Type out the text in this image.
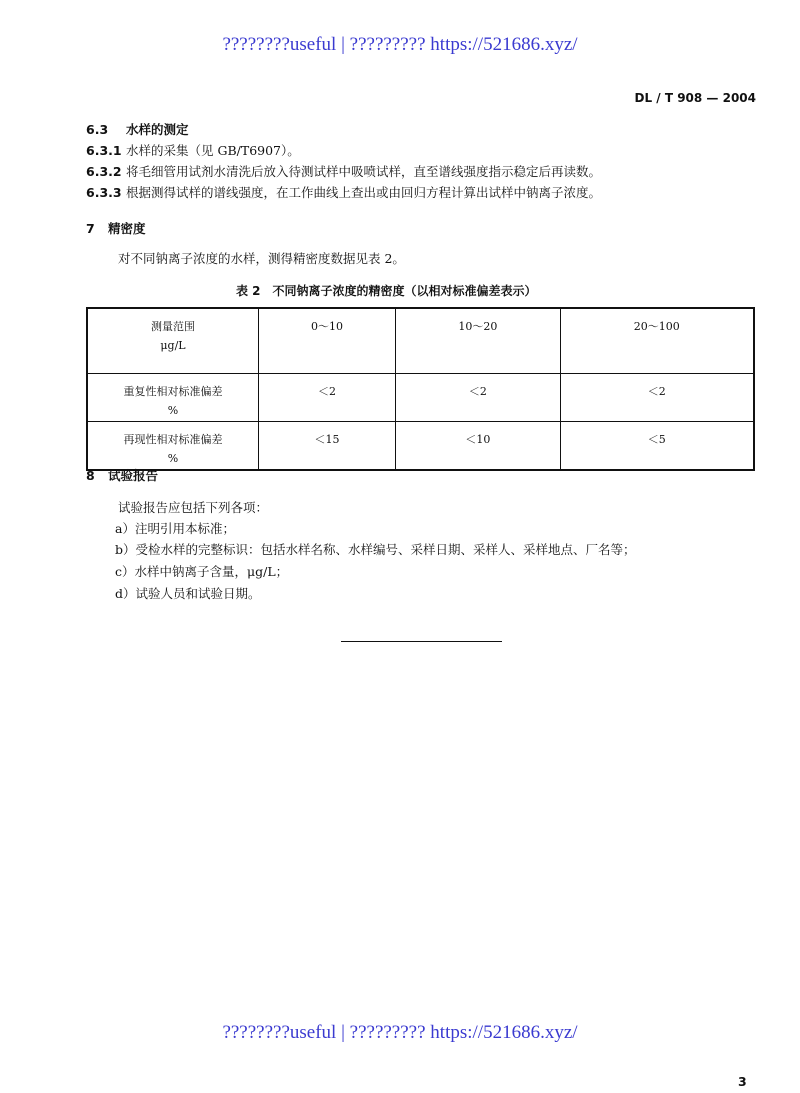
????????useful | ????????? https://521686.xyz/
DL / T 908 — 2004
6.3 水样的测定
6.3.1 水样的采集（见 GB/T6907）。
6.3.2 将毛细管用试剂水清洗后放入待测试样中吸喷试样，直至谱线强度指示稳定后再读数。
6.3.3 根据测得试样的谱线强度，在工作曲线上查出或由回归方程计算出试样中钠离子浓度。
7 精密度
对不同钠离子浓度的水样，测得精密度数据见表 2。
表 2　不同钠离子浓度的精密度（以相对标准偏差表示）
测量范围
μg/L	0～10	10～20	20～100
重复性相对标准偏差
%	＜2	＜2	＜2
再现性相对标准偏差
%	＜15	＜10	＜5
8 试验报告
试验报告应包括下列各项：
a）注明引用本标准；
b）受检水样的完整标识：包括水样名称、水样编号、采样日期、采样人、采样地点、厂名等；
c）水样中钠离子含量，μg/L；
d）试验人员和试验日期。
????????useful | ????????? https://521686.xyz/
3
